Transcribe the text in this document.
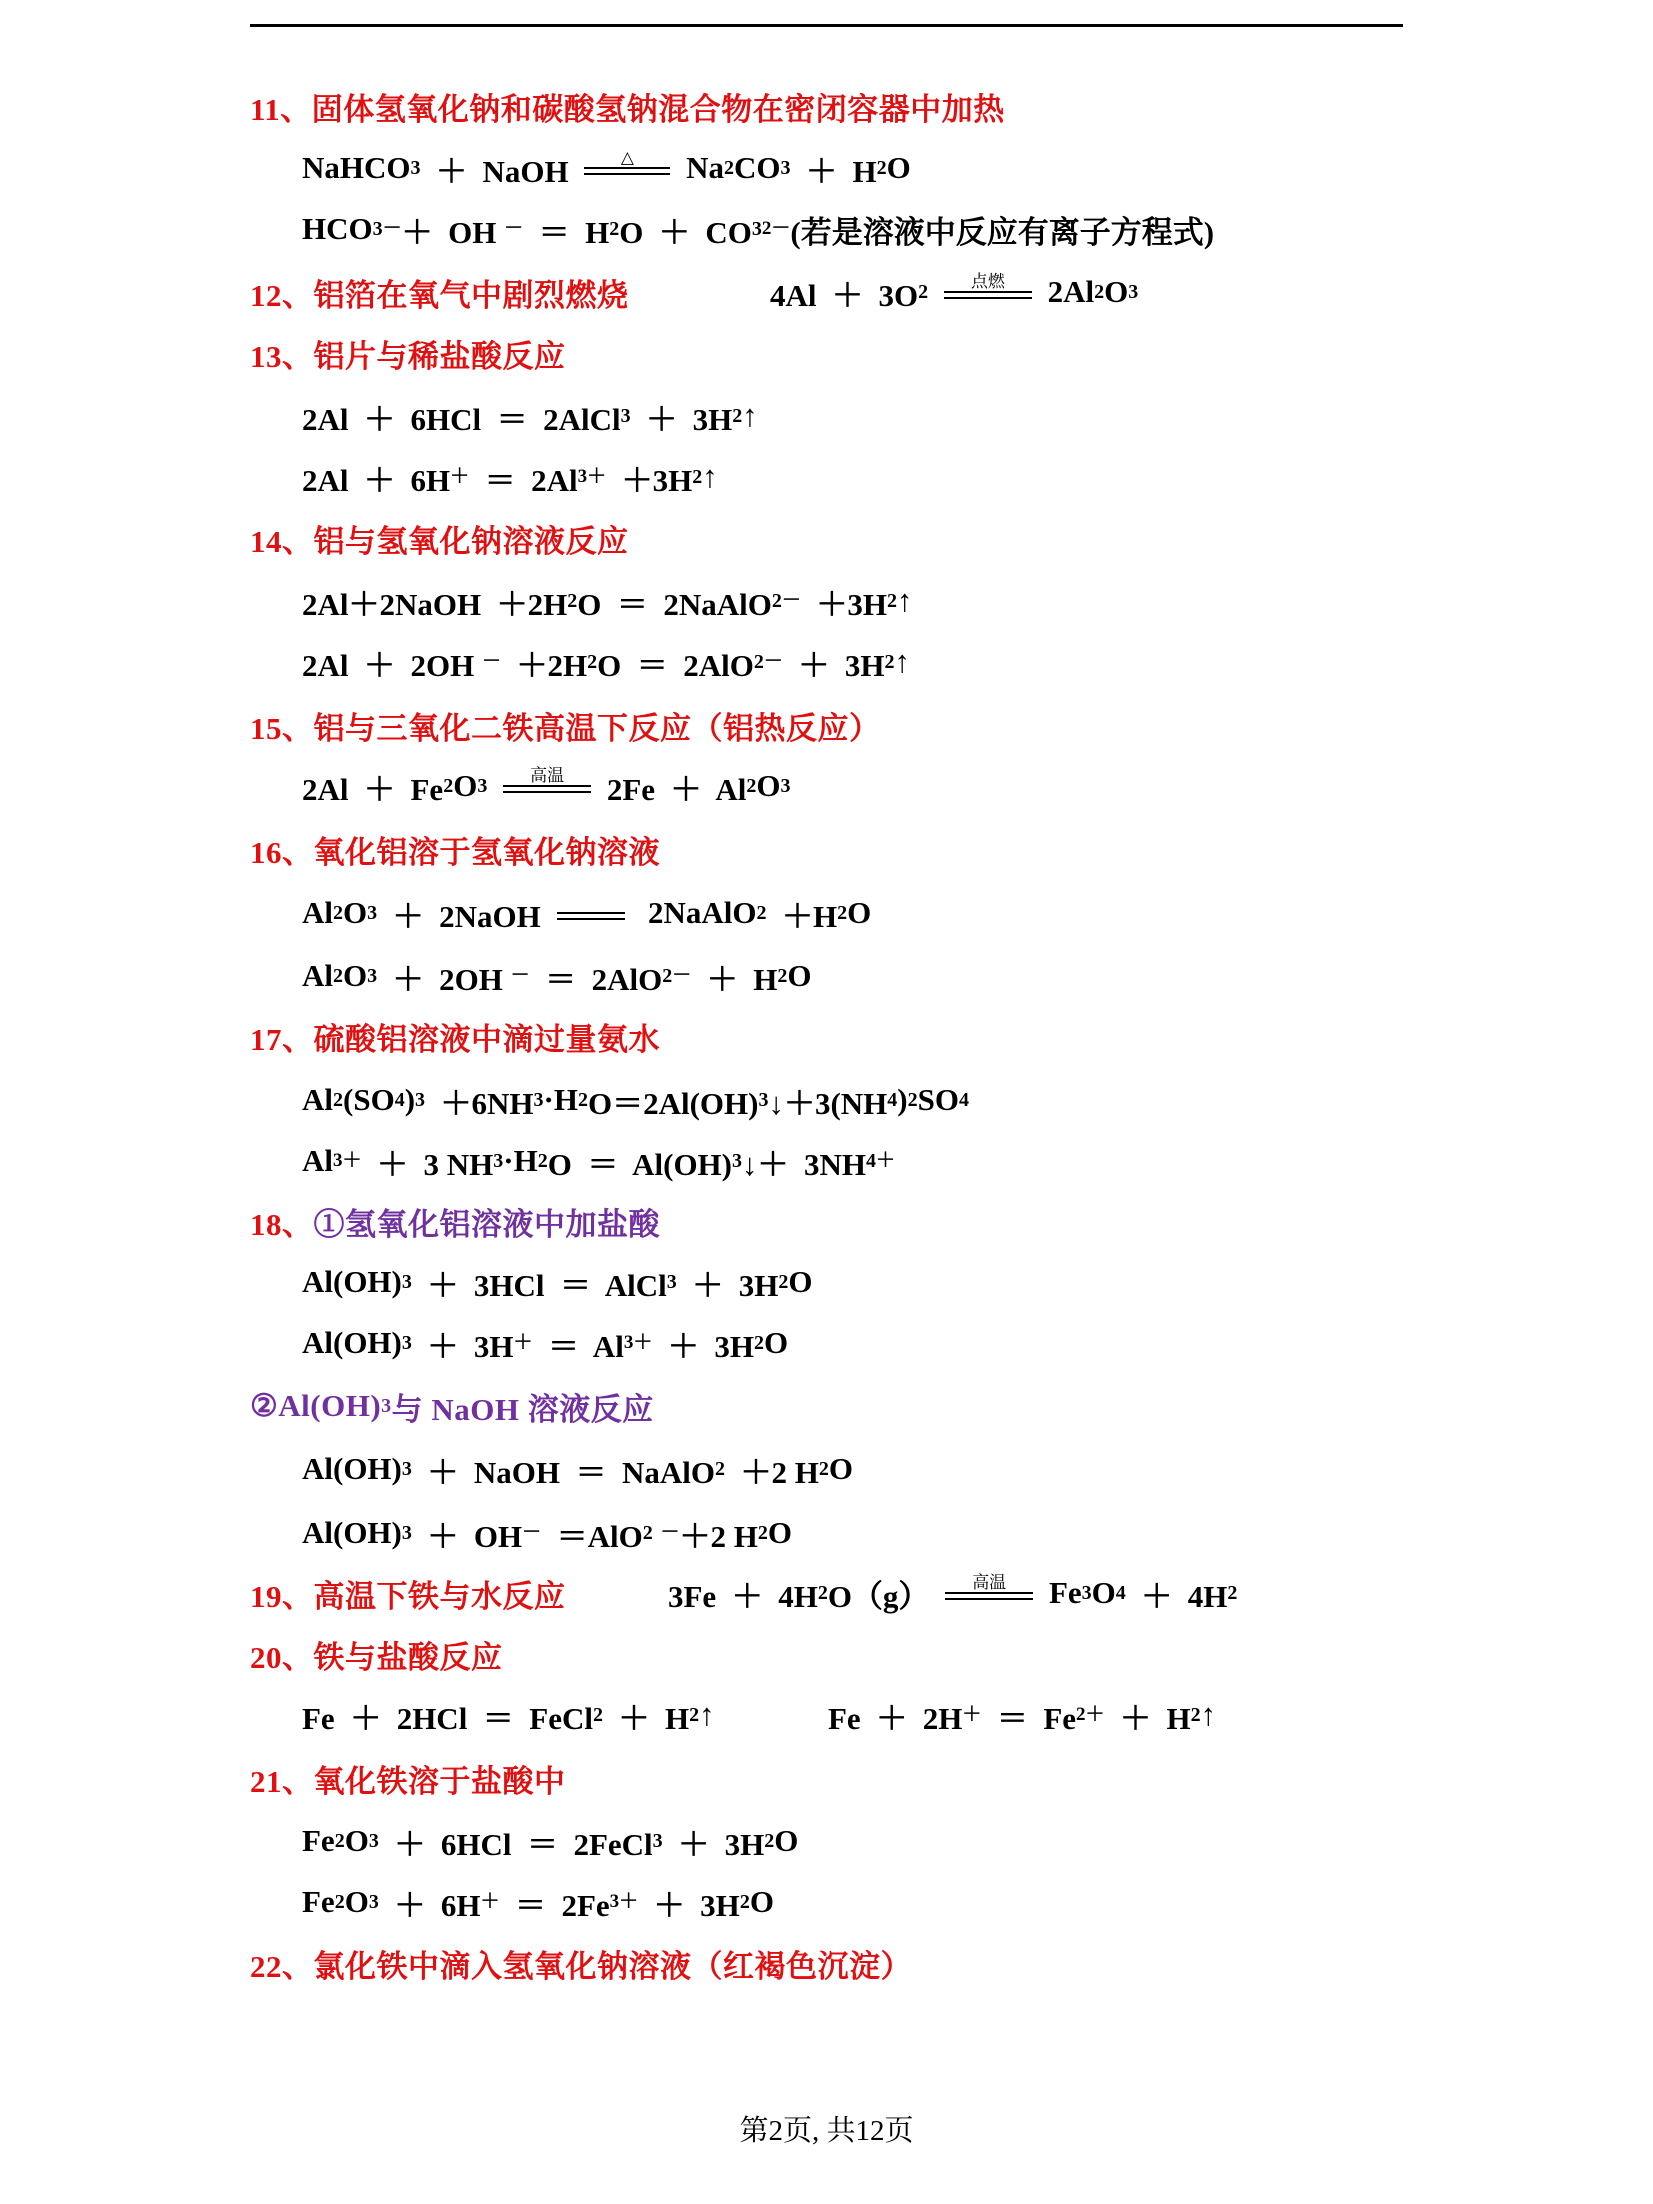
11、固体氢氧化钠和碳酸氢钠混合物在密闭容器中加热
NaHCO 3 ＋  NaOH	△ Na 2 CO 3 ＋  H 2 O
HCO 3 － ＋  OH － ＝  H 2 O  ＋  CO 3 2－ (若是溶液中反应有离子方程式)
12、铝箔在氧气中剧烈燃烧	4Al  ＋  3O 2
	点燃 2Al 2 O 3
13、铝片与稀盐酸反应
2Al  ＋  6HCl  ＝  2AlCl 3 ＋  3H 2 ↑
2Al  ＋  6H ＋ ＝  2Al 3＋ ＋3H 2 ↑
14、铝与氢氧化钠溶液反应
2Al＋2NaOH  ＋2H 2 O  ＝  2NaAlO 2 － ＋3H 2 ↑
2Al  ＋  2OH － ＋2H 2 O  ＝  2AlO 2 － ＋  3H 2 ↑
15、铝与三氧化二铁高温下反应（铝热反应）
2Al  ＋  Fe 2 O 3
	高温 2Fe  ＋  Al 2 O 3
16、氧化铝溶于氢氧化钠溶液
Al 2 O 3 ＋  2NaOH	2NaAlO 2 ＋H 2 O
Al 2 O 3 ＋  2OH － ＝  2AlO 2 － ＋  H 2 O
17、硫酸铝溶液中滴过量氨水
Al 2 (SO 4 ) 3 ＋6NH 3 ·H 2 O＝2Al(OH) 3 ↓＋3(NH 4 ) 2 SO 4
Al 3＋ ＋  3 NH 3 ·H 2 O  ＝  Al(OH) 3 ↓＋  3NH 4 ＋
18、 ①氢氧化铝溶液中加盐酸
Al(OH) 3 ＋  3HCl  ＝  AlCl 3 ＋  3H 2 O
Al(OH) 3 ＋  3H ＋ ＝  Al 3＋ ＋  3H 2 O
②Al(OH) 3 与 NaOH 溶液反应
Al(OH) 3 ＋  NaOH  ＝  NaAlO 2 ＋2 H 2 O
Al(OH) 3 ＋  OH － ＝AlO 2
－ ＋2 H 2 O
19、高温下铁与水反应	3Fe  ＋  4H 2 O（g） 高温 Fe 3 O 4 ＋  4H 2
20、铁与盐酸反应
Fe  ＋  2HCl  ＝  FeCl 2 ＋  H 2 ↑	Fe  ＋  2H ＋ ＝  Fe 2＋ ＋  H 2 ↑
21、氧化铁溶于盐酸中
Fe 2 O 3 ＋  6HCl  ＝  2FeCl 3 ＋  3H 2 O
Fe 2 O 3 ＋  6H ＋ ＝  2Fe 3＋ ＋  3H 2 O
22、氯化铁中滴入氢氧化钠溶液（红褐色沉淀）
第2页, 共12页
